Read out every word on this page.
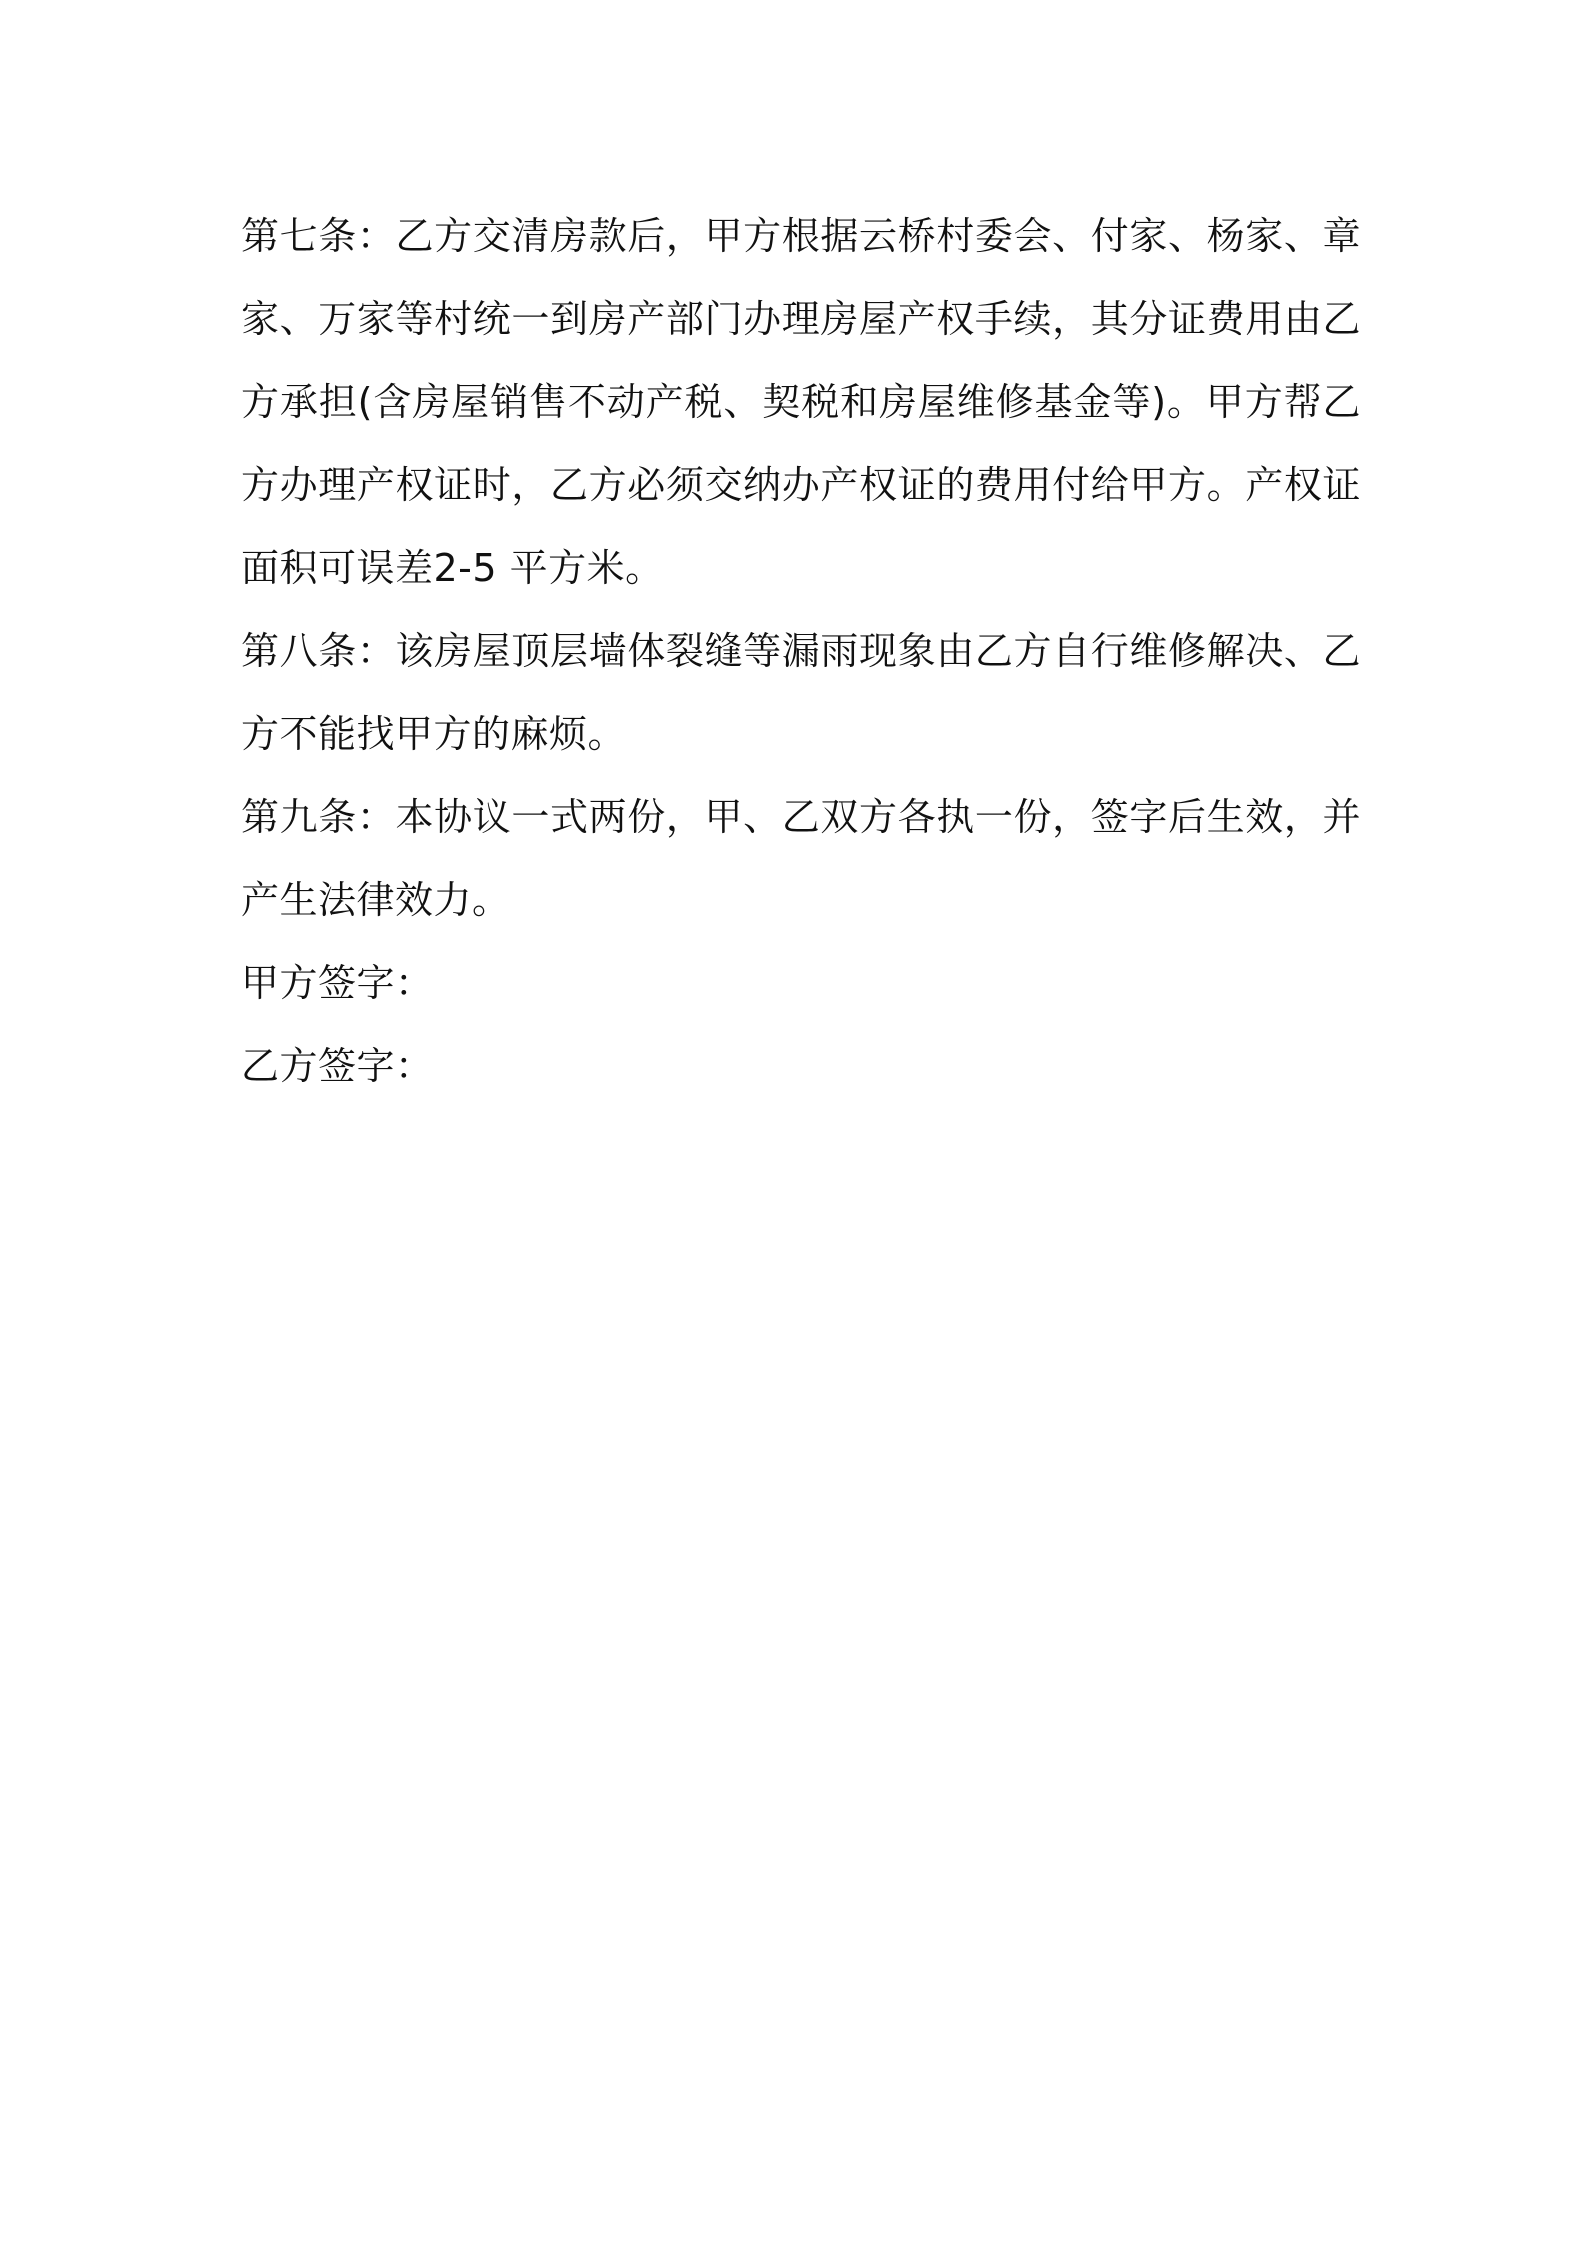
第七条：乙方交清房款后，甲方根据云桥村委会、付家、杨家、章家、万家等村统一到房产部门办理房屋产权手续，其分证费用由乙方承担(含房屋销售不动产税、契税和房屋维修基金等)。甲方帮乙方办理产权证时，乙方必须交纳办产权证的费用付给甲方。产权证面积可误差2-5 平方米。

第八条：该房屋顶层墙体裂缝等漏雨现象由乙方自行维修解决、乙方不能找甲方的麻烦。

第九条：本协议一式两份，甲、乙双方各执一份，签字后生效，并产生法律效力。

甲方签字：

乙方签字：
